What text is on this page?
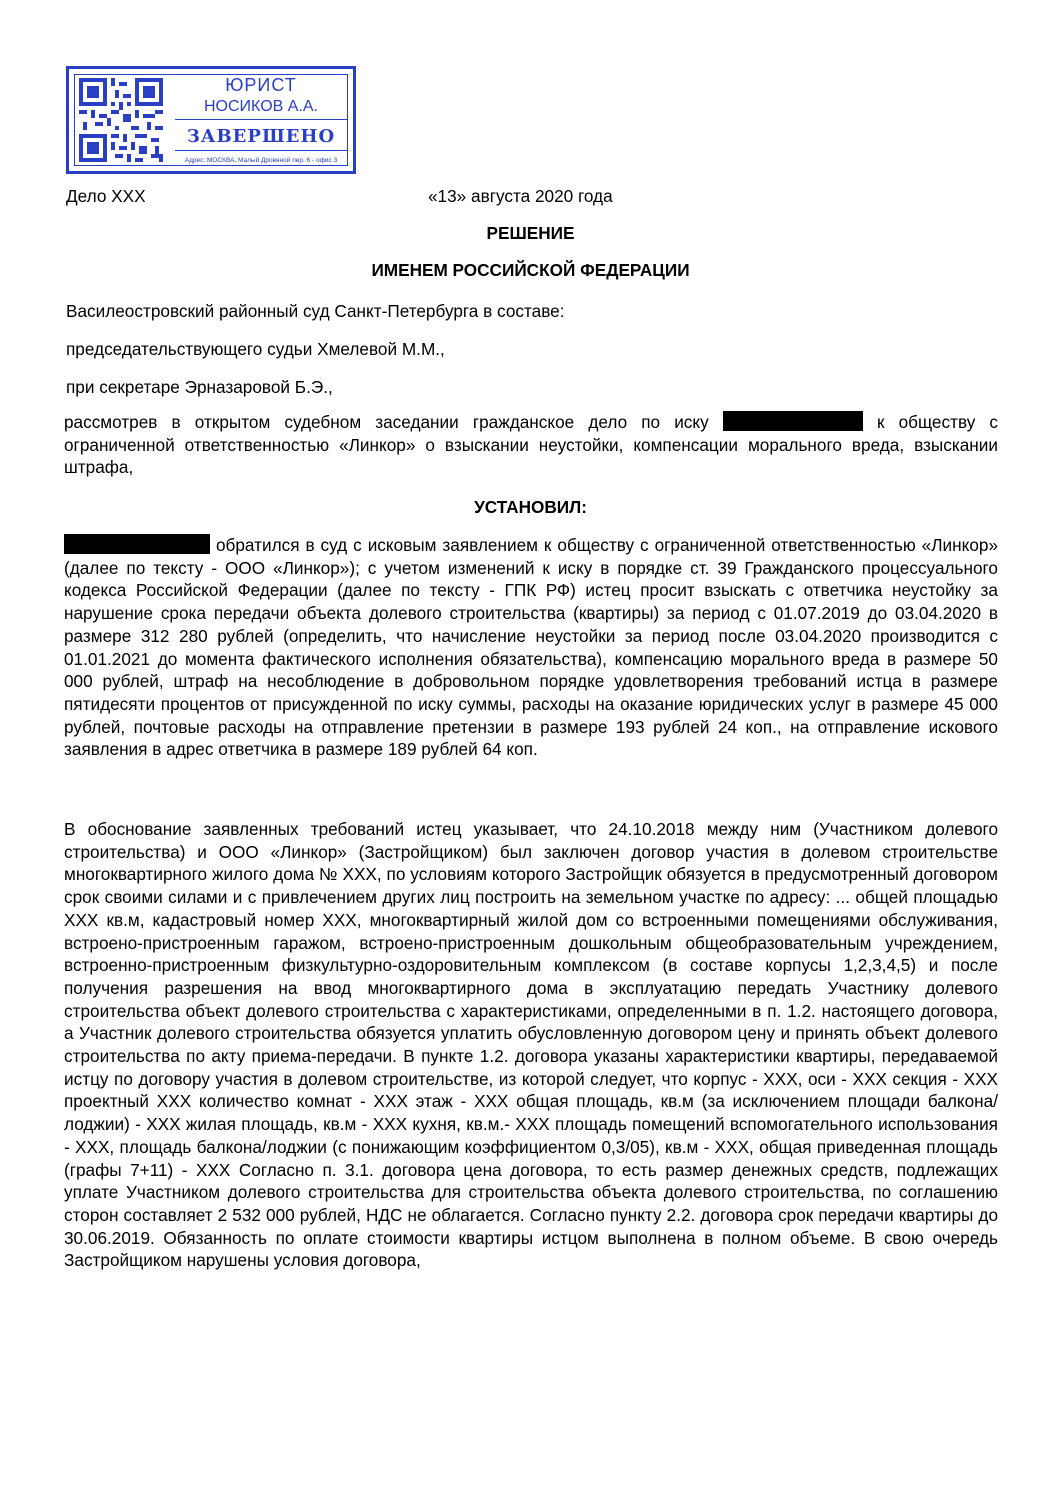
ЮРИСТ
НОСИКОВ А.А.
ЗАВЕРШЕНО
Адрес: МОСКВА, Малый Дровяной пер. 6 - офис 3
Дело XXX	«13» августа 2020 года
РЕШЕНИЕ
ИМЕНЕМ РОССИЙСКОЙ ФЕДЕРАЦИИ
Василеостровский районный суд Санкт-Петербурга в составе:
председательствующего судьи Хмелевой М.М.,
при секретаре Эрназаровой Б.Э.,
рассмотрев в открытом судебном заседании гражданское дело по иску	к обществу с ограниченной ответственностью «Линкор» о взыскании неустойки, компенсации морального вреда, взыскании штрафа,
УСТАНОВИЛ:
обратился в суд с исковым заявлением к обществу с ограниченной ответственностью «Линкор» (далее по тексту - ООО «Линкор»); с учетом изменений к иску в порядке ст. 39 Гражданского процессуального кодекса Российской Федерации (далее по тексту - ГПК РФ) истец просит взыскать с ответчика неустойку за нарушение срока передачи объекта долевого строительства (квартиры) за период с 01.07.2019 до 03.04.2020 в размере 312 280 рублей (определить, что начисление неустойки за период после 03.04.2020 производится с 01.01.2021 до момента фактического исполнения обязательства), компенсацию морального вреда в размере 50 000 рублей, штраф на несоблюдение в добровольном порядке удовлетворения требований истца в размере пятидесяти процентов от присужденной по иску суммы, расходы на оказание юридических услуг в размере 45 000 рублей, почтовые расходы на отправление претензии в размере 193 рублей 24 коп., на отправление искового заявления в адрес ответчика в размере 189 рублей 64 коп.
В обоснование заявленных требований истец указывает, что 24.10.2018 между ним (Участником долевого строительства) и ООО «Линкор» (Застройщиком) был заключен договор участия в долевом строительстве многоквартирного жилого дома № XXX, по условиям которого Застройщик обязуется в предусмотренный договором срок своими силами и с привлечением других лиц построить на земельном участке по адресу: ... общей площадью XXX кв.м, кадастровый номер XXX, многоквартирный жилой дом со встроенными помещениями обслуживания, встроено-пристроенным гаражом, встроено-пристроенным дошкольным общеобразовательным учреждением, встроенно-пристроенным физкультурно-оздоровительным комплексом (в составе корпусы 1,2,3,4,5) и после получения разрешения на ввод многоквартирного дома в эксплуатацию передать Участнику долевого строительства объект долевого строительства с характеристиками, определенными в п. 1.2. настоящего договора, а Участник долевого строительства обязуется уплатить обусловленную договором цену и принять объект долевого строительства по акту приема-передачи. В пункте 1.2. договора указаны характеристики квартиры, передаваемой истцу по договору участия в долевом строительстве, из которой следует, что корпус - XXX, оси - XXX секция - XXX проектный XXX количество комнат - XXX этаж - XXX общая площадь, кв.м (за исключением площади балкона/лоджии) - XXX жилая площадь, кв.м - XXX кухня, кв.м.- XXX площадь помещений вспомогательного использования - XXX, площадь балкона/лоджии (с понижающим коэффициентом 0,3/05), кв.м - XXX, общая приведенная площадь (графы 7+11) - XXX Согласно п. 3.1. договора цена договора, то есть размер денежных средств, подлежащих уплате Участником долевого строительства для строительства объекта долевого строительства, по соглашению сторон составляет 2 532 000 рублей, НДС не облагается. Согласно пункту 2.2. договора срок передачи квартиры до 30.06.2019. Обязанность по оплате стоимости квартиры истцом выполнена в полном объеме. В свою очередь Застройщиком нарушены условия договора,
